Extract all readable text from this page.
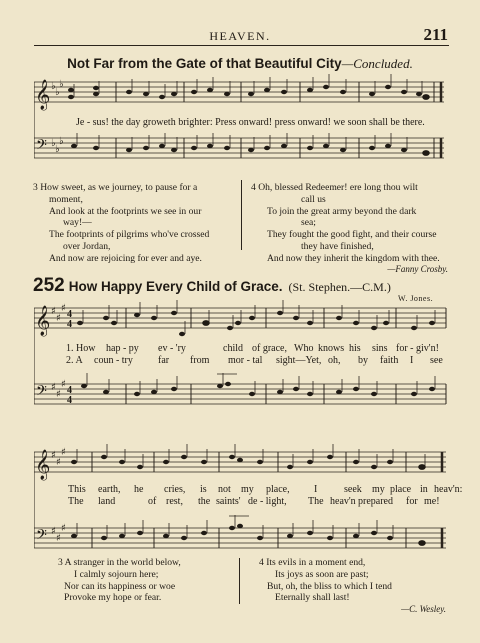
HEAVEN.	211
Not Far from the Gate of that Beautiful City—Concluded.
𝄞 ♭
♭
♭
𝄢 ♭
♭
♭
Je - sus! the day groweth brighter: Press onward! press onward! we soon shall be there.
3 How sweet, as we journey, to pause for a
moment,
And look at the footprints we see in our
way!—
The footprints of pilgrims who've crossed
over Jordan,
And now are rejoicing for ever and aye.
4 Oh, blessed Redeemer! ere long thou wilt
call us
To join the great army beyond the dark
sea;
They fought the good fight, and their course
they have finished,
And now they inherit the kingdom with thee.
—Fanny Crosby.
252 How Happy Every Child of Grace. (St. Stephen.—C.M.)
W. Jones.
𝄞 ♯
♯
♯
4
4
𝄢 ♯
♯
♯
4
4
1. How hap - py ev - 'ry	child of grace, Who knows his sins for - giv'n!
2. A coun - try	far from mor - tal sight—Yet, oh, by faith I see
𝄞 ♯
♯
♯
𝄢 ♯
♯
♯
This earth, he cries, is not my place, I	seek my place in heav'n:
The land	of rest, the saints' de - light, The heav'n prepared for me!
3 A stranger in the world below,
I calmly sojourn here;
Nor can its happiness or woe
Provoke my hope or fear.
4 Its evils in a moment end,
Its joys as soon are past;
But, oh, the bliss to which I tend
Eternally shall last!
—C. Wesley.
